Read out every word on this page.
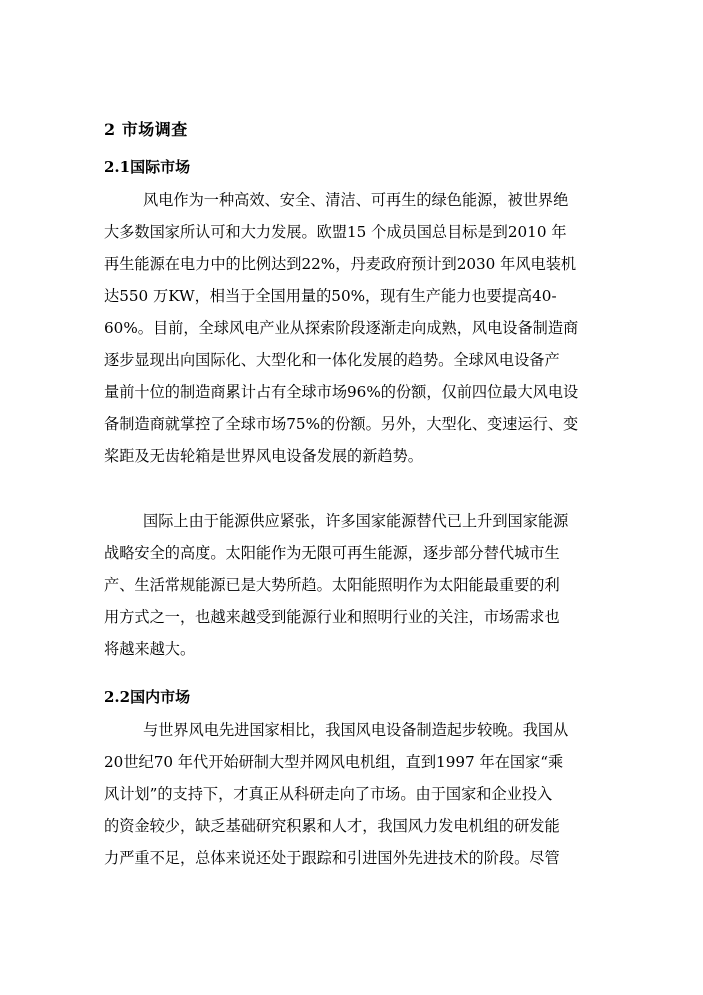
2 市场调查
2.1国际市场
风电作为一种高效、安全、清洁、可再生的绿色能源，被世界绝
大多数国家所认可和大力发展。欧盟15 个成员国总目标是到2010 年
再生能源在电力中的比例达到22%，丹麦政府预计到2030 年风电装机
达550 万KW，相当于全国用量的50%，现有生产能力也要提高40-
60%。目前，全球风电产业从探索阶段逐渐走向成熟，风电设备制造商
逐步显现出向国际化、大型化和一体化发展的趋势。全球风电设备产
量前十位的制造商累计占有全球市场96%的份额，仅前四位最大风电设
备制造商就掌控了全球市场75%的份额。另外，大型化、变速运行、变
桨距及无齿轮箱是世界风电设备发展的新趋势。
国际上由于能源供应紧张，许多国家能源替代已上升到国家能源
战略安全的高度。太阳能作为无限可再生能源，逐步部分替代城市生
产、生活常规能源已是大势所趋。太阳能照明作为太阳能最重要的利
用方式之一，也越来越受到能源行业和照明行业的关注，市场需求也
将越来越大。
2.2国内市场
与世界风电先进国家相比，我国风电设备制造起步较晚。我国从
20世纪70 年代开始研制大型并网风电机组，直到1997 年在国家“乘
风计划”的支持下，才真正从科研走向了市场。由于国家和企业投入
的资金较少，缺乏基础研究积累和人才，我国风力发电机组的研发能
力严重不足，总体来说还处于跟踪和引进国外先进技术的阶段。尽管
